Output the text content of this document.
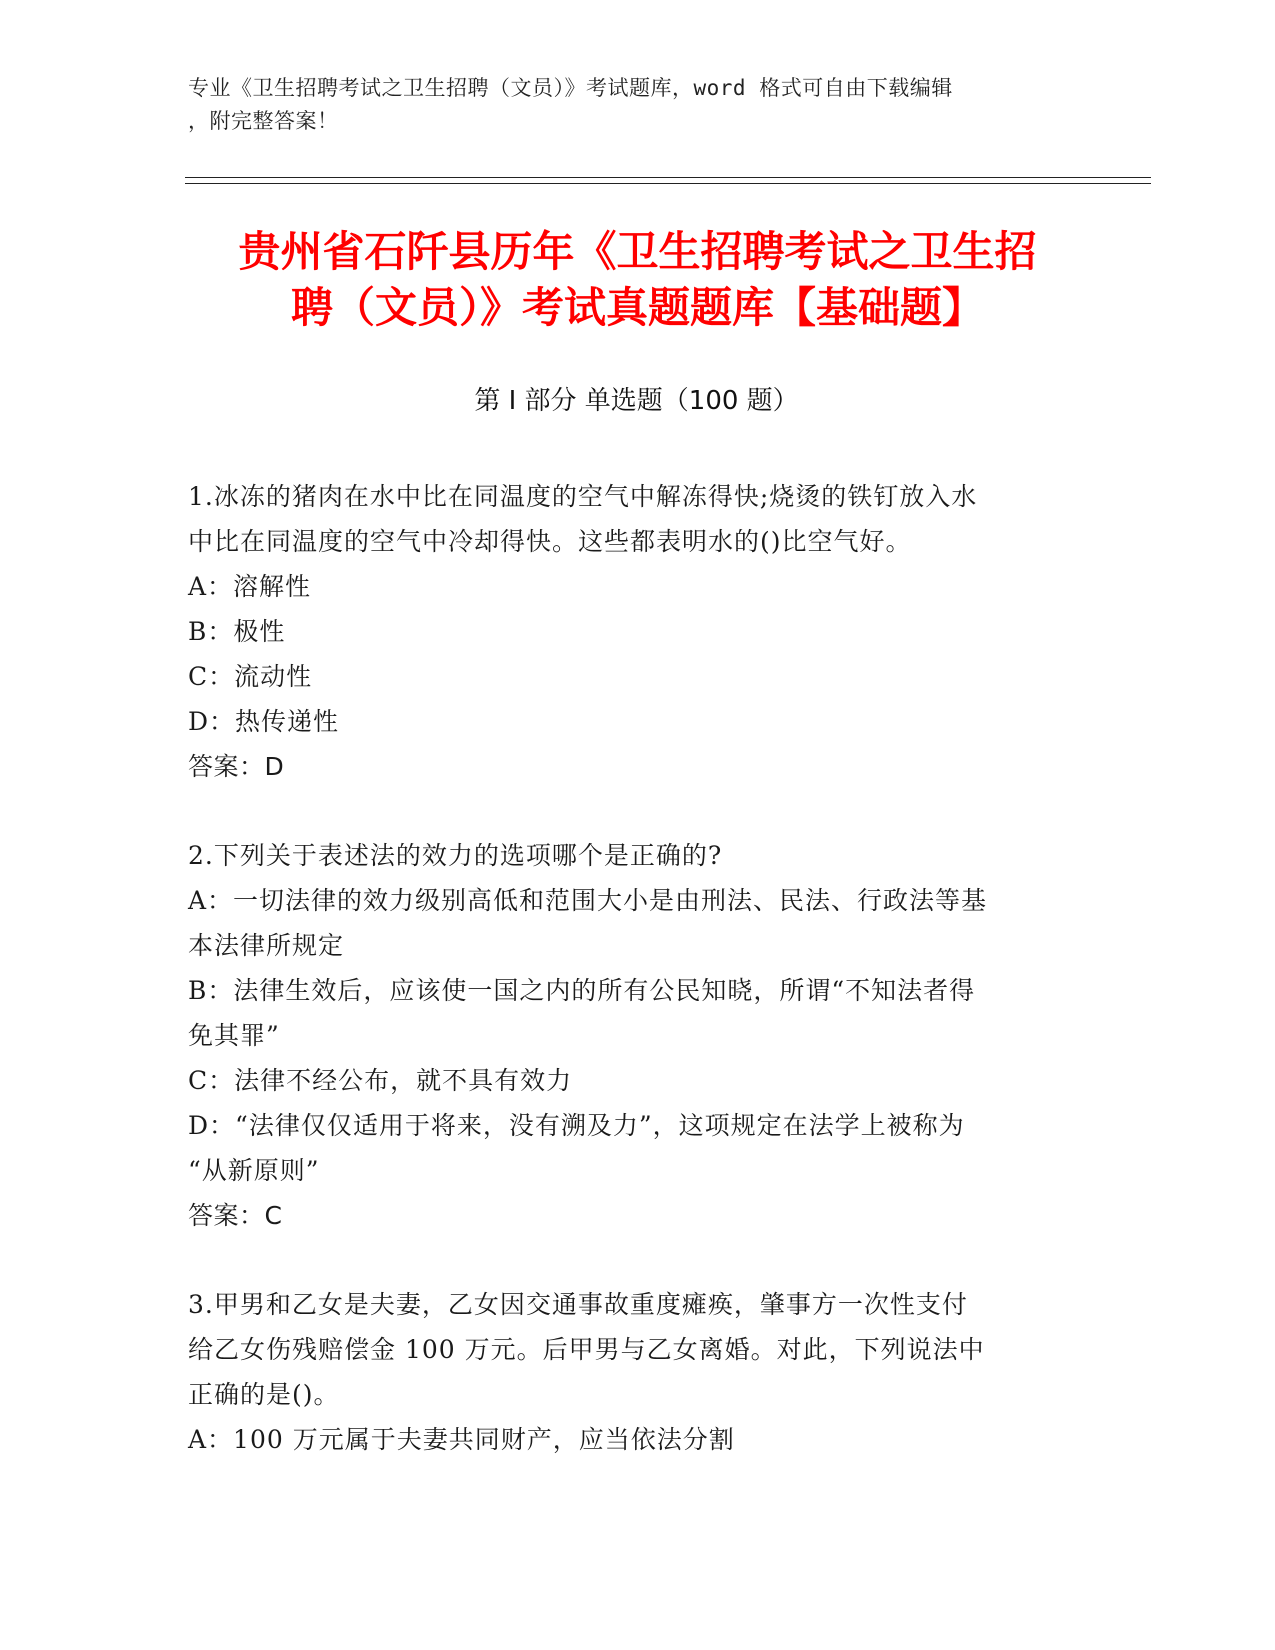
专业《卫生招聘考试之卫生招聘（文员）》考试题库，word 格式可自由下载编辑
，附完整答案！
贵州省石阡县历年《卫生招聘考试之卫生招
聘（文员）》考试真题题库【基础题】
第 I 部分 单选题（100 题）

1.冰冻的猪肉在水中比在同温度的空气中解冻得快;烧烫的铁钉放入水

中比在同温度的空气中冷却得快。这些都表明水的()比空气好。

A：溶解性

B：极性

C：流动性

D：热传递性

答案：D

2.下列关于表述法的效力的选项哪个是正确的?

A：一切法律的效力级别高低和范围大小是由刑法、民法、行政法等基

本法律所规定

B：法律生效后，应该使一国之内的所有公民知晓，所谓“不知法者得

免其罪”

C：法律不经公布，就不具有效力

D：“法律仅仅适用于将来，没有溯及力”，这项规定在法学上被称为

“从新原则”

答案：C

3.甲男和乙女是夫妻，乙女因交通事故重度瘫痪，肇事方一次性支付

给乙女伤残赔偿金 100 万元。后甲男与乙女离婚。对此，下列说法中

正确的是()。

A：100 万元属于夫妻共同财产，应当依法分割
